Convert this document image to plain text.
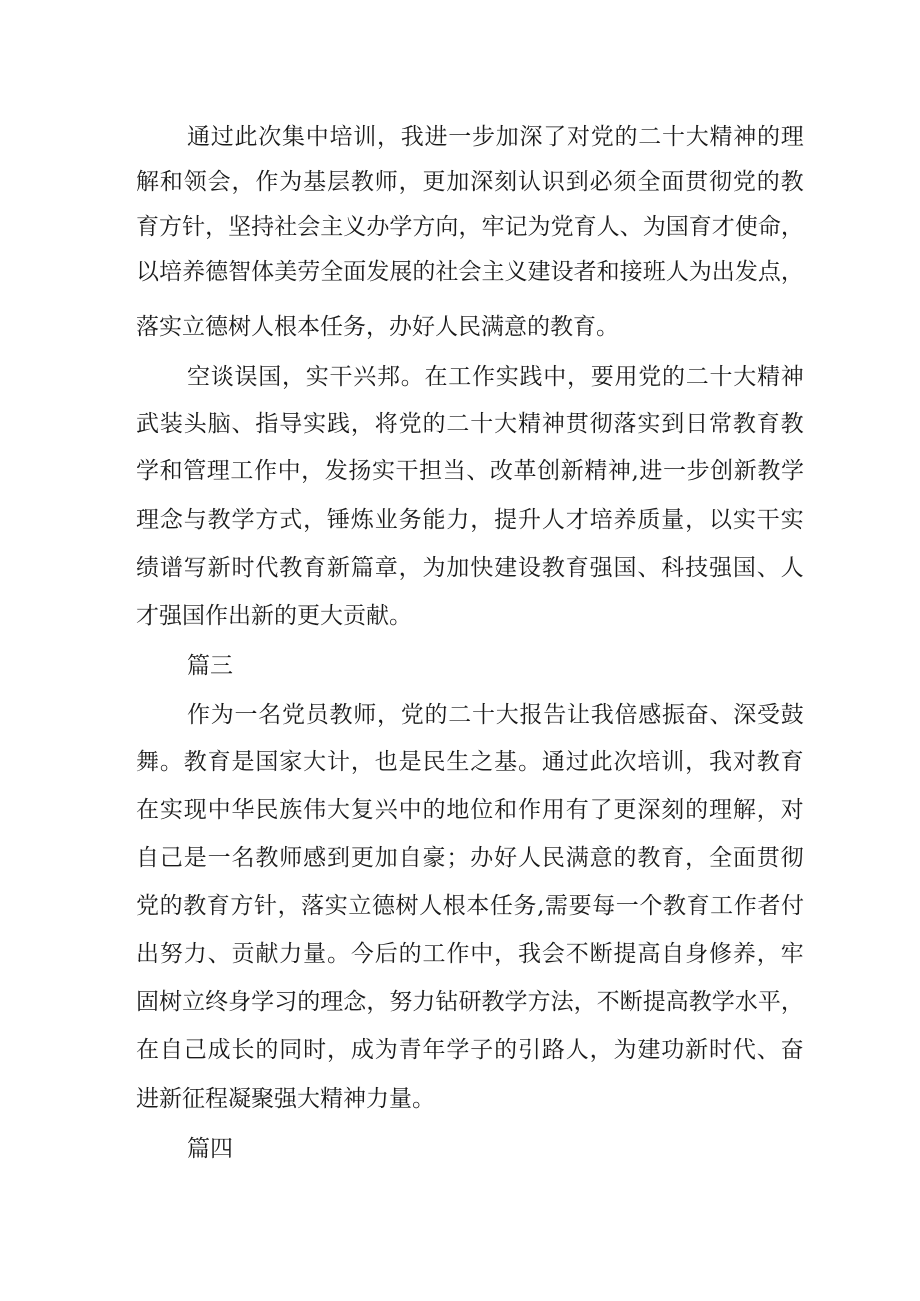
通 过 此 次 集 中 培 训 ， 我 进 一 步 加 深 了 对 党 的 二 十 大 精 神 的 理
解 和 领 会 ， 作 为 基 层 教 师 ， 更 加 深 刻 认 识 到 必 须 全 面 贯 彻 党 的 教
育 方 针 ， 坚 持 社 会 主 义 办 学 方 向 ， 牢 记 为 党 育 人 、 为 国 育 才 使 命 ，
以 培 养 德 智 体 美 劳 全 面 发 展 的 社 会 主 义 建 设 者 和 接 班 人 为 出 发 点 ，
落实立德树人根本任务，办好人民满意的教育。
空 谈 误 国 ， 实 干 兴 邦 。 在 工 作 实 践 中 ， 要 用 党 的 二 十 大 精 神
武 装 头 脑 、 指 导 实 践 ， 将 党 的 二 十 大 精 神 贯 彻 落 实 到 日 常 教 育 教
学 和 管 理 工 作 中 ， 发 扬 实 干 担 当 、 改 革 创 新 精 神 , 进 一 步 创 新 教 学
理 念 与 教 学 方 式 ， 锤 炼 业 务 能 力 ， 提 升 人 才 培 养 质 量 ， 以 实 干 实
绩 谱 写 新 时 代 教 育 新 篇 章 ， 为 加 快 建 设 教 育 强 国 、 科 技 强 国 、 人
才强国作出新的更大贡献。
篇三
作 为 一 名 党 员 教 师 ， 党 的 二 十 大 报 告 让 我 倍 感 振 奋 、 深 受 鼓
舞 。 教 育 是 国 家 大 计 ， 也 是 民 生 之 基 。 通 过 此 次 培 训 ， 我 对 教 育
在 实 现 中 华 民 族 伟 大 复 兴 中 的 地 位 和 作 用 有 了 更 深 刻 的 理 解 ， 对
自 己 是 一 名 教 师 感 到 更 加 自 豪 ； 办 好 人 民 满 意 的 教 育 ， 全 面 贯 彻
党 的 教 育 方 针 ， 落 实 立 德 树 人 根 本 任 务 , 需 要 每 一 个 教 育 工 作 者 付
出 努 力 、 贡 献 力 量 。 今 后 的 工 作 中 ， 我 会 不 断 提 高 自 身 修 养 ， 牢
固 树 立 终 身 学 习 的 理 念 ， 努 力 钻 研 教 学 方 法 ， 不 断 提 高 教 学 水 平 ，
在 自 己 成 长 的 同 时 ， 成 为 青 年 学 子 的 引 路 人 ， 为 建 功 新 时 代 、 奋
进新征程凝聚强大精神力量。
篇四
